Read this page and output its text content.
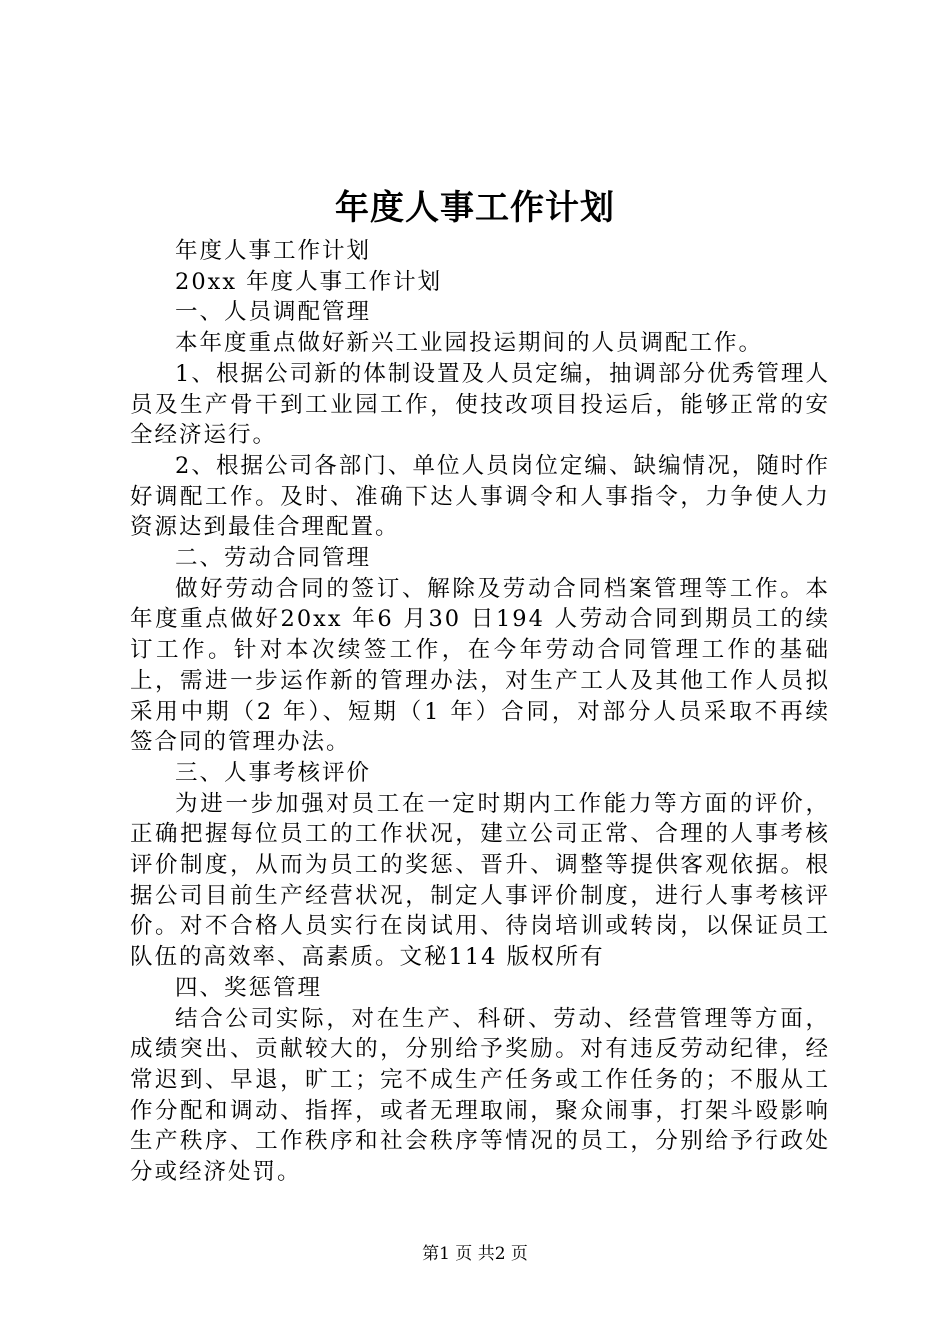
年度人事工作计划

年度人事工作计划

20xx 年度人事工作计划

一、人员调配管理

本年度重点做好新兴工业园投运期间的人员调配工作。

1、根据公司新的体制设置及人员定编，抽调部分优秀管理人员及生产骨干到工业园工作，使技改项目投运后，能够正常的安全经济运行。

2、根据公司各部门、单位人员岗位定编、缺编情况，随时作好调配工作。及时、准确下达人事调令和人事指令，力争使人力资源达到最佳合理配置。

二、劳动合同管理

做好劳动合同的签订、解除及劳动合同档案管理等工作。本年度重点做好20xx 年6 月30 日194 人劳动合同到期员工的续订工作。针对本次续签工作，在今年劳动合同管理工作的基础上，需进一步运作新的管理办法，对生产工人及其他工作人员拟采用中期（2 年）、短期（1 年）合同，对部分人员采取不再续签合同的管理办法。

三、人事考核评价

为进一步加强对员工在一定时期内工作能力等方面的评价，正确把握每位员工的工作状况，建立公司正常、合理的人事考核评价制度，从而为员工的奖惩、晋升、调整等提供客观依据。根据公司目前生产经营状况，制定人事评价制度，进行人事考核评价。对不合格人员实行在岗试用、待岗培训或转岗，以保证员工队伍的高效率、高素质。文秘114 版权所有

四、奖惩管理

结合公司实际，对在生产、科研、劳动、经营管理等方面，成绩突出、贡献较大的，分别给予奖励。对有违反劳动纪律，经常迟到、早退，旷工；完不成生产任务或工作任务的；不服从工作分配和调动、指挥，或者无理取闹，聚众闹事，打架斗殴影响生产秩序、工作秩序和社会秩序等情况的员工，分别给予行政处分或经济处罚。

第1 页 共2 页
